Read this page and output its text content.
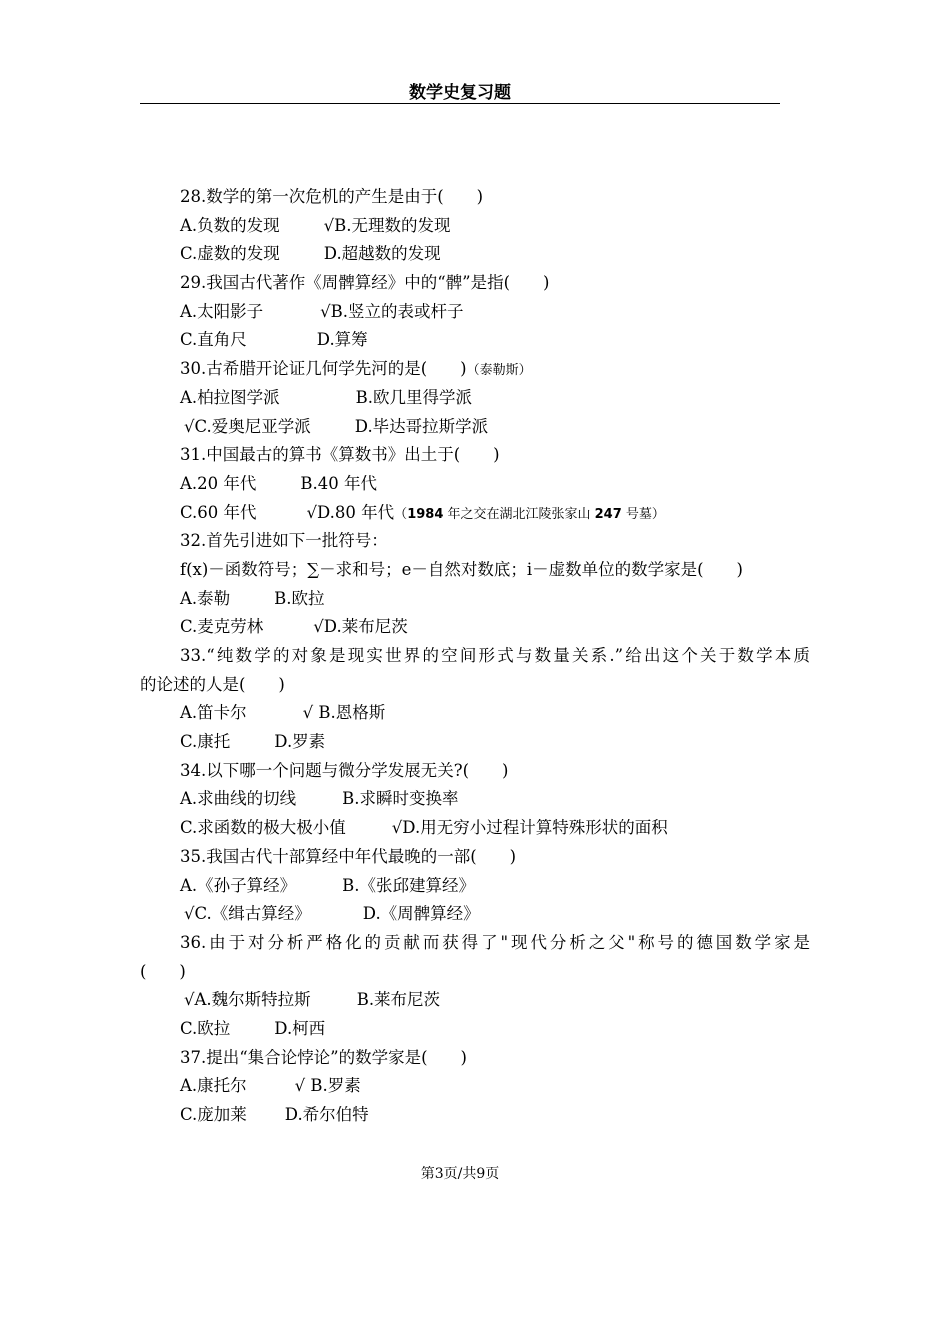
数学史复习题
28.数学的第一次危机的产生是由于(　　)
A.负数的发现	√B.无理数的发现
C.虚数的发现	D.超越数的发现
29.我国古代著作《周髀算经》中的“髀”是指(　　)
A.太阳影子	√B.竖立的表或杆子
C.直角尺	D.算筹
30.古希腊开论证几何学先河的是(　　)（泰勒斯）
A.柏拉图学派	B.欧几里得学派
√C.爱奥尼亚学派	D.毕达哥拉斯学派
31.中国最古的算书《算数书》出土于(　　)
A.20 年代	B.40 年代
C.60 年代	√D.80 年代（1984 年之交在湖北江陵张家山 247 号墓）
32.首先引进如下一批符号：
f(x)－函数符号；∑－求和号；e－自然对数底；i－虚数单位的数学家是(　　)
A.泰勒	B.欧拉
C.麦克劳林	√D.莱布尼茨
33.“纯数学的对象是现实世界的空间形式与数量关系.”给出这个关于数学本质
的论述的人是(　　)
A.笛卡尔	√ B.恩格斯
C.康托	D.罗素
34.以下哪一个问题与微分学发展无关?(　　)
A.求曲线的切线	B.求瞬时变换率
C.求函数的极大极小值	√D.用无穷小过程计算特殊形状的面积
35.我国古代十部算经中年代最晚的一部(　　)
A.《孙子算经》	B.《张邱建算经》
√C.《缉古算经》	D.《周髀算经》
36.由于对分析严格化的贡献而获得了"现代分析之父"称号的德国数学家是
(　　)
√A.魏尔斯特拉斯	B.莱布尼茨
C.欧拉	D.柯西
37.提出“集合论悖论”的数学家是(　　)
A.康托尔	√ B.罗素
C.庞加莱 D.希尔伯特
第3页/共9页
